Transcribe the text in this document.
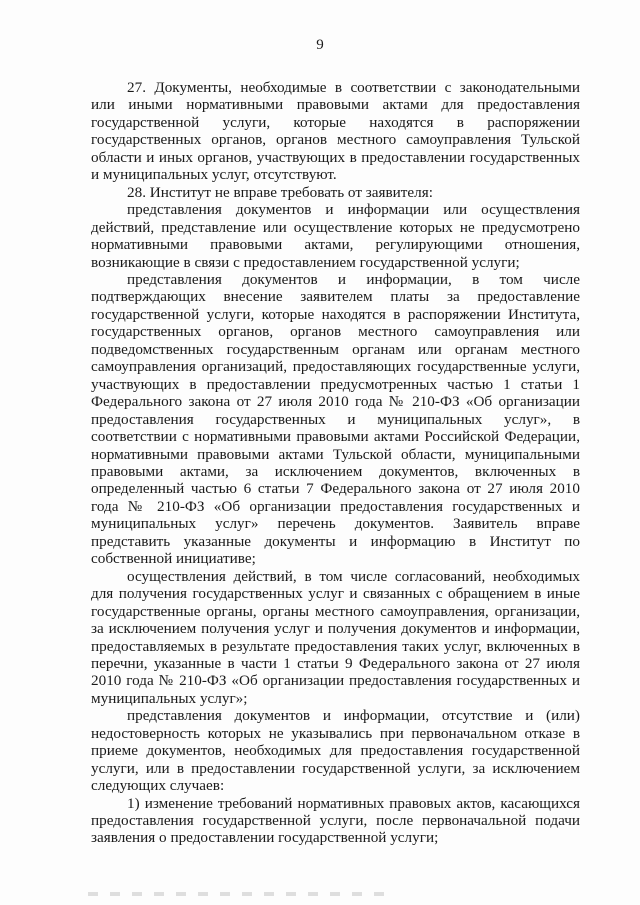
9

27. Документы, необходимые в соответствии с законодательными или иными нормативными правовыми актами для предоставления государственной услуги, которые находятся в распоряжении государственных органов, органов местного самоуправления Тульской области и иных органов, участвующих в предоставлении государственных и муниципальных услуг, отсутствуют.

28. Институт не вправе требовать от заявителя:

представления документов и информации или осуществления действий, представление или осуществление которых не предусмотрено нормативными правовыми актами, регулирующими отношения, возникающие в связи с предоставлением государственной услуги;

представления документов и информации, в том числе подтверждающих внесение заявителем платы за предоставление государственной услуги, которые находятся в распоряжении Института, государственных органов, органов местного самоуправления или подведомственных государственным органам или органам местного самоуправления организаций, предоставляющих государственные услуги, участвующих в предоставлении предусмотренных частью 1 статьи 1 Федерального закона от 27 июля 2010 года № 210-ФЗ «Об организации предоставления государственных и муниципальных услуг», в соответствии с нормативными правовыми актами Российской Федерации, нормативными правовыми актами Тульской области, муниципальными правовыми актами, за исключением документов, включенных в определенный частью 6 статьи 7 Федерального закона от 27 июля 2010 года № 210-ФЗ «Об организации предоставления государственных и муниципальных услуг» перечень документов. Заявитель вправе представить указанные документы и информацию в Институт по собственной инициативе;

осуществления действий, в том числе согласований, необходимых для получения государственных услуг и связанных с обращением в иные государственные органы, органы местного самоуправления, организации, за исключением получения услуг и получения документов и информации, предоставляемых в результате предоставления таких услуг, включенных в перечни, указанные в части 1 статьи 9 Федерального закона от 27 июля 2010 года № 210-ФЗ «Об организации предоставления государственных и муниципальных услуг»;

представления документов и информации, отсутствие и (или) недостоверность которых не указывались при первоначальном отказе в приеме документов, необходимых для предоставления государственной услуги, или в предоставлении государственной услуги, за исключением следующих случаев:

1) изменение требований нормативных правовых актов, касающихся предоставления государственной услуги, после первоначальной подачи заявления о предоставлении государственной услуги;
